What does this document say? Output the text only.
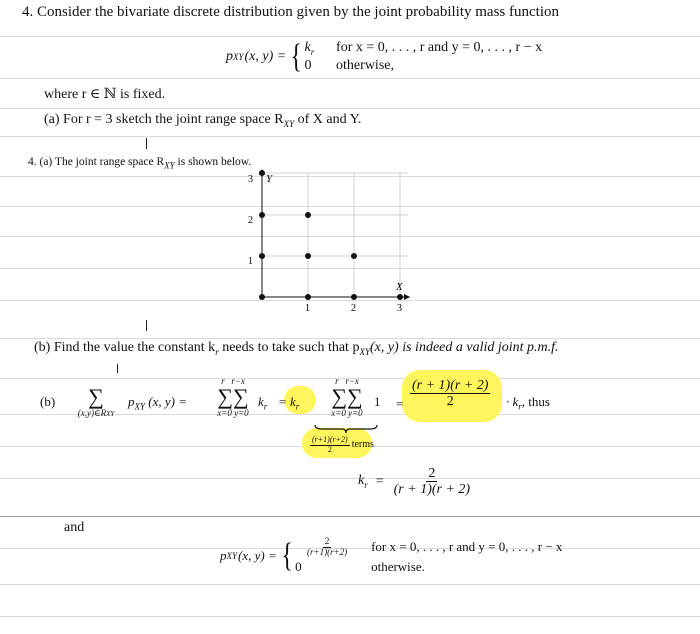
4. Consider the bivariate discrete distribution given by the joint probability mass function
p XY (x, y) = { $k_r$ for x = 0, . . . , r and y = 0, . . . , r − x
0 otherwise,
where r ∈ ℕ is fixed.
(a) For r = 3 sketch the joint range space $R_{XY}$ of X and Y.
4. (a) The joint range space $R_{XY}$ is shown below.
Y
X
3
2
1
1	2	3
(b) Find the value the constant $k_r$ needs to take such that $p_{XY}(x$, y) is indeed a valid joint p.m.f.
(b)	∑
(x,y)∈RXY
$p_{XY}$ (x, y) =
r   r−x
∑∑
x=0 y=0
$k_r = k_r$
r   r−x
∑∑
x=0 y=0
$1 = \frac{(r + 1)(r + 2)}{2} \cdot k_r$, thus
$\frac{(r+1)(r+2)}{2}$ terms
$k_r = \frac{2}{(r + 1)(r + 2)}$
and
p XY (x, y) = { $\frac{2}{(r+1)(r+2)}$ for x = 0, . . . , r and y = 0, . . . , r − x
0	otherwise.
